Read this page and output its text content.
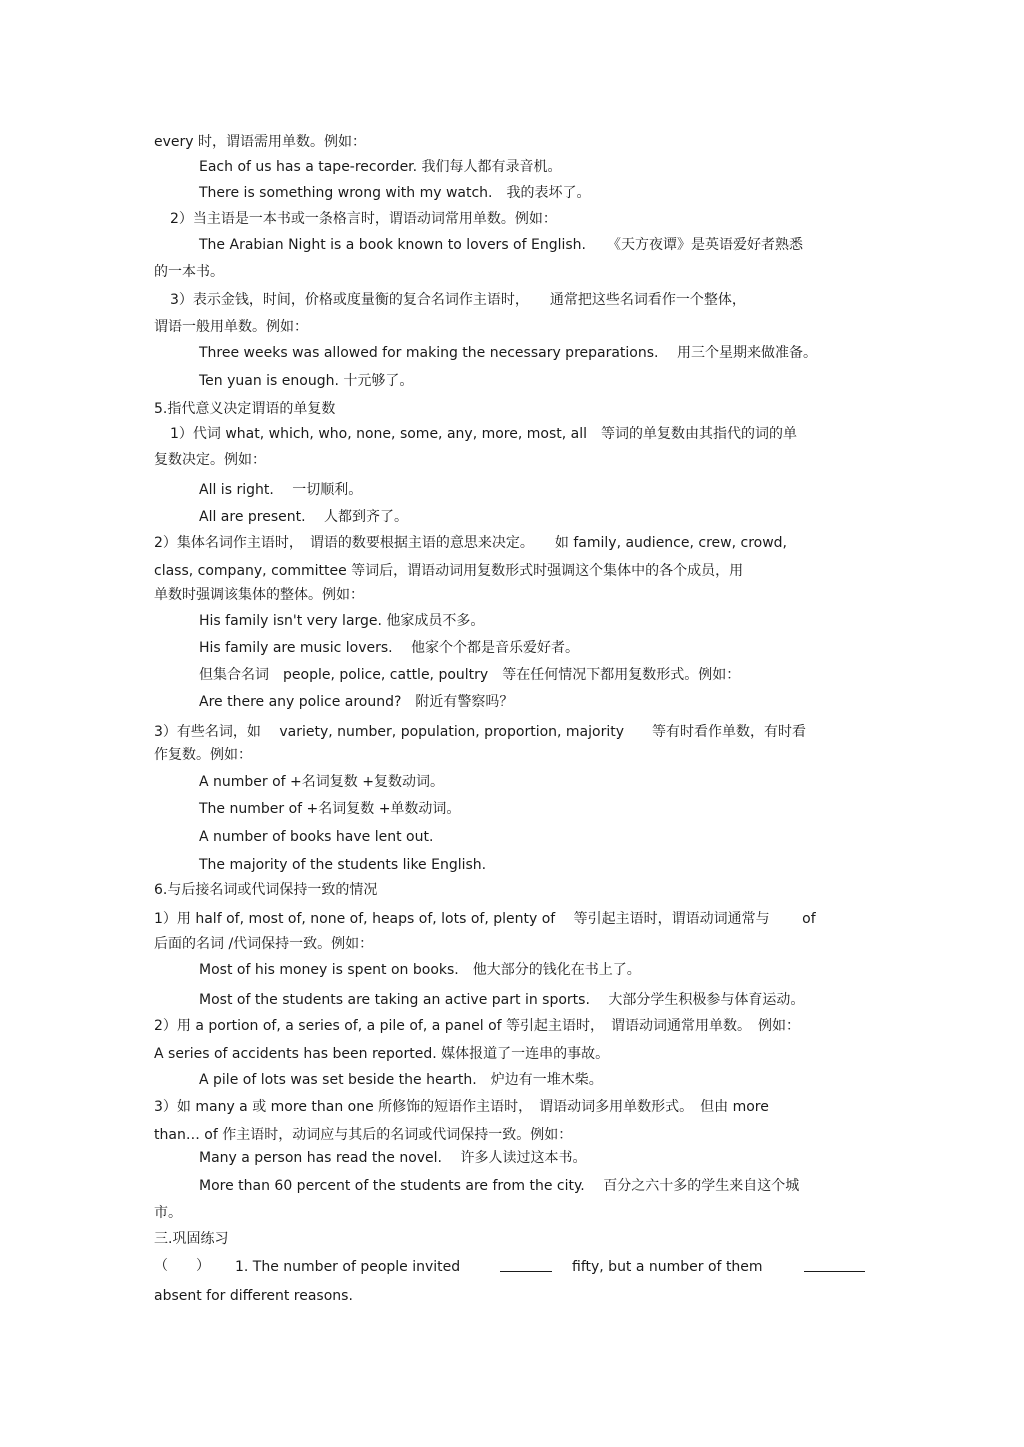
every 时，谓语需用单数。例如：
Each of us has a tape-recorder. 我们每人都有录音机。
There is something wrong with my watch.　我的表坏了。
2）当主语是一本书或一条格言时，谓语动词常用单数。例如：
The Arabian Night is a book known to lovers of English.　　《天方夜谭》是英语爱好者熟悉
的一本书。
3）表示金钱，时间，价格或度量衡的复合名词作主语时，　　通常把这些名词看作一个整体，
谓语一般用单数。例如：
Three weeks was allowed for making the necessary preparations.　 用三个星期来做准备。
Ten yuan is enough. 十元够了。
5.指代意义决定谓语的单复数
1）代词 what, which, who, none, some, any, more, most, all　等词的单复数由其指代的词的单
复数决定。例如：
All is right.　 一切顺利。
All are present.　 人都到齐了。
2）集体名词作主语时，　谓语的数要根据主语的意思来决定。　　如 family, audience, crew, crowd,
class, company, committee 等词后，谓语动词用复数形式时强调这个集体中的各个成员，用
单数时强调该集体的整体。例如：
His family isn't very large. 他家成员不多。
His family are music lovers.　 他家个个都是音乐爱好者。
但集合名词　people, police, cattle, poultry　等在任何情况下都用复数形式。例如：
Are there any police around?　附近有警察吗？
3）有些名词，如　 variety, number, population, proportion, majority　　等有时看作单数，有时看
作复数。例如：
A number of +名词复数 +复数动词。
The number of +名词复数 +单数动词。
A number of books have lent out.
The majority of the students like English.
6.与后接名词或代词保持一致的情况
1）用 half of, most of, none of, heaps of, lots of, plenty of　 等引起主语时，谓语动词通常与　　 of
后面的名词 /代词保持一致。例如：
Most of his money is spent on books.　他大部分的钱化在书上了。
Most of the students are taking an active part in sports.　 大部分学生积极参与体育运动。
2）用 a portion of, a series of, a pile of, a panel of 等引起主语时，　谓语动词通常用单数。　例如：
A series of accidents has been reported. 媒体报道了一连串的事故。
A pile of lots was set beside the hearth.　炉边有一堆木柴。
3）如 many a 或 more than one 所修饰的短语作主语时，　谓语动词多用单数形式。　但由 more
than… of 作主语时，动词应与其后的名词或代词保持一致。例如：
Many a person has read the novel.　 许多人读过这本书。
More than 60 percent of the students are from the city.　 百分之六十多的学生来自这个城
市。
三.巩固练习
（　　） 1. The number of people invited	fifty, but a number of them
absent for different reasons.
